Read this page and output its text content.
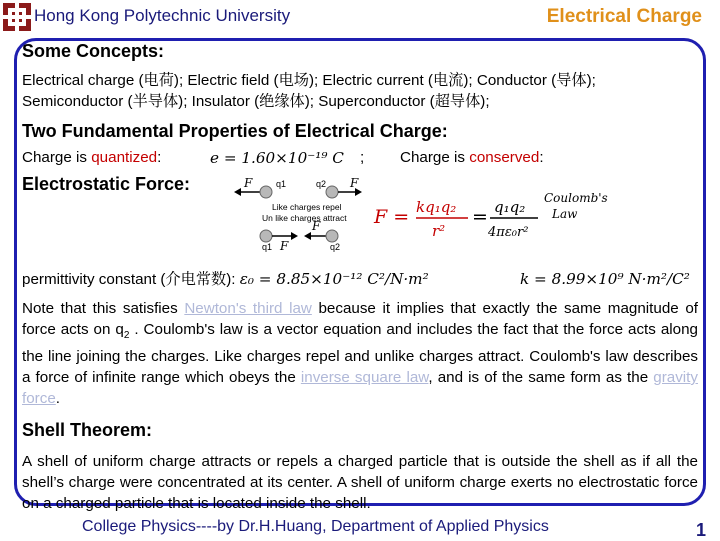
Hong Kong Polytechnic University	Electrical Charge
Some Concepts:

Electrical charge (电荷); Electric field (电场); Electric current (电流); Conductor (导体); Semiconductor (半导体); Insulator (绝缘体); Superconductor (超导体);

Two Fundamental Properties of Electrical Charge:
Charge is quantized:	e = 1.60×10⁻¹⁹ C ; Charge is conserved:
Electrostatic Force:	F	q1	q2 F
Like charges repel
Un like charges attract
q1 F
F
q2
F = kq₁q₂
r²
= q₁q₂
4πε₀r²
Coulomb's
Law
permittivity constant (介电常数): ε₀ = 8.85×10⁻¹² C²/N·m²	k = 8.99×10⁹ N·m²/C²

Note that this satisfies Newton's third law because it implies that exactly the same magnitude of force acts on $q_2$ . Coulomb's law is a vector equation and includes the fact that the force acts along the line joining the charges. Like charges repel and unlike charges attract. Coulomb's law describes a force of infinite range which obeys the inverse square law, and is of the same form as the gravity force.

Shell Theorem:

A shell of uniform charge attracts or repels a charged particle that is outside the shell as if all the shell’s charge were concentrated at its center. A shell of uniform charge exerts no electrostatic force on a charged particle that is located inside the shell.

College Physics----by Dr.H.Huang, Department of Applied Physics	1
